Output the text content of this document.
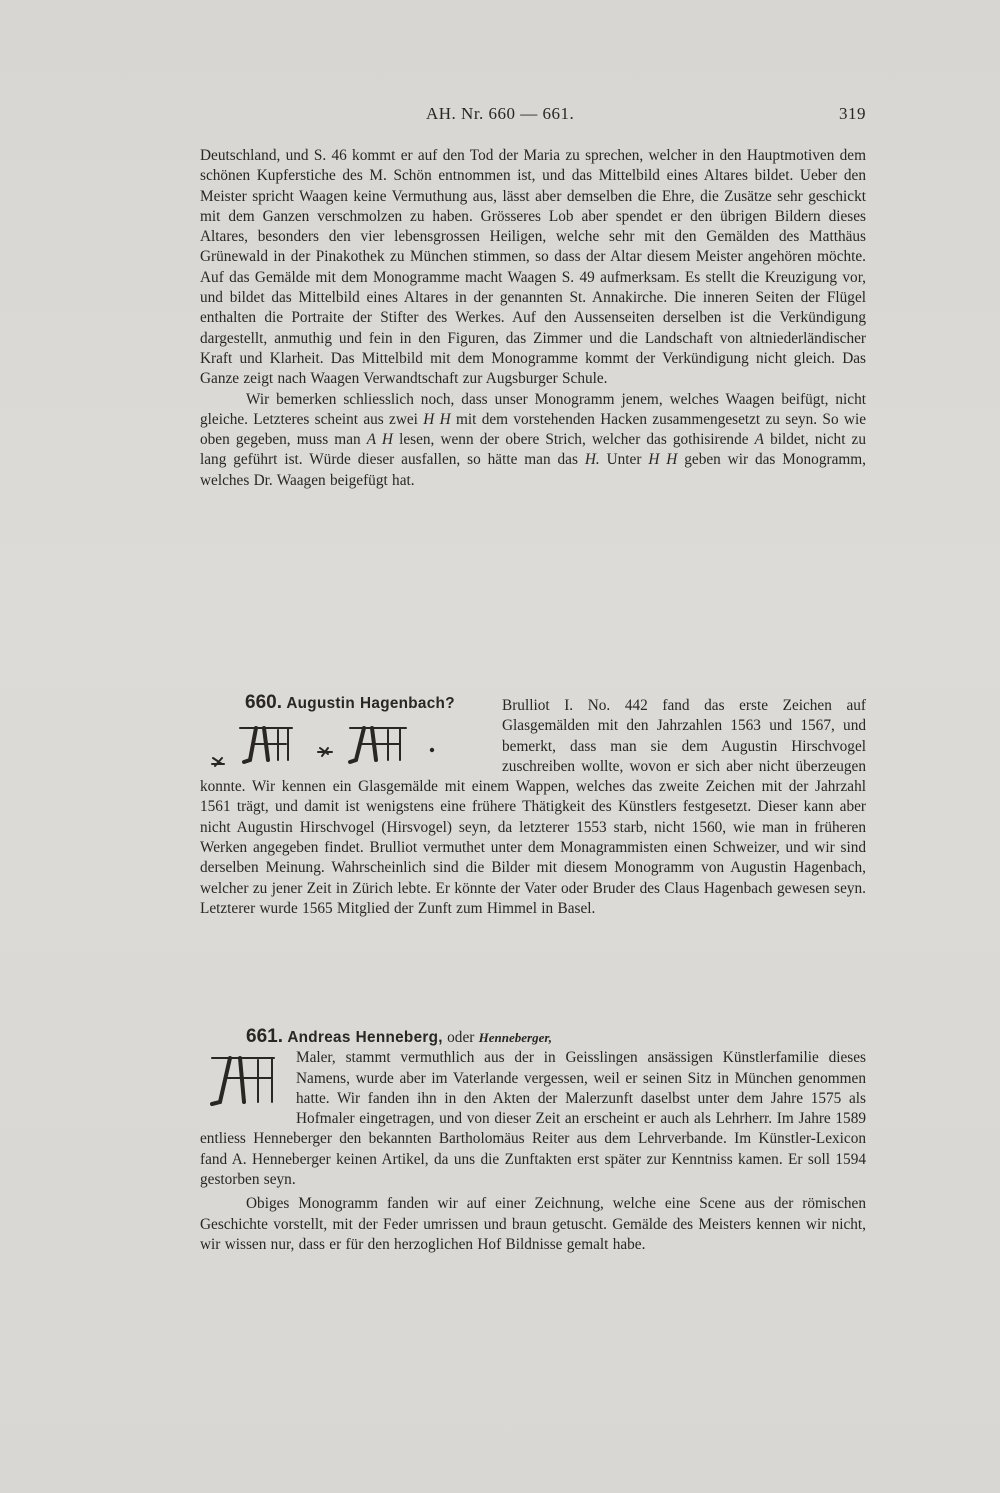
AH. Nr. 660 — 661.	319

Deutschland, und S. 46 kommt er auf den Tod der Maria zu sprechen, welcher in den Hauptmotiven dem schönen Kupferstiche des M. Schön entnommen ist, und das Mittelbild eines Altares bildet. Ueber den Meister spricht Waagen keine Vermuthung aus, lässt aber demselben die Ehre, die Zusätze sehr geschickt mit dem Ganzen verschmolzen zu haben. Grösseres Lob aber spendet er den übrigen Bildern dieses Altares, besonders den vier lebensgrossen Heiligen, welche sehr mit den Gemälden des Matthäus Grünewald in der Pinakothek zu München stimmen, so dass der Altar diesem Meister angehören möchte. Auf das Gemälde mit dem Monogramme macht Waagen S. 49 aufmerksam. Es stellt die Kreuzigung vor, und bildet das Mittelbild eines Altares in der genannten St. Annakirche. Die inneren Seiten der Flügel enthalten die Portraite der Stifter des Werkes. Auf den Aussenseiten derselben ist die Verkündigung dargestellt, anmuthig und fein in den Figuren, das Zimmer und die Landschaft von altniederländischer Kraft und Klarheit. Das Mittelbild mit dem Monogramme kommt der Verkündigung nicht gleich. Das Ganze zeigt nach Waagen Verwandtschaft zur Augsburger Schule.

Wir bemerken schliesslich noch, dass unser Monogramm jenem, welches Waagen beifügt, nicht gleiche. Letzteres scheint aus zwei H H mit dem vorstehenden Hacken zusammengesetzt zu seyn. So wie oben gegeben, muss man A H lesen, wenn der obere Strich, welcher das gothisirende A bildet, nicht zu lang geführt ist. Würde dieser ausfallen, so hätte man das H. Unter H H geben wir das Monogramm, welches Dr. Waagen beigefügt hat.

660. Augustin Hagenbach?	Brulliot I. No. 442 fand das erste Zeichen auf Glasgemälden mit den Jahrzahlen 1563 und 1567, und bemerkt, dass man sie dem Augustin Hirschvogel zuschreiben wollte, wovon er sich aber nicht überzeugen konnte. Wir kennen ein Glasgemälde mit einem Wappen, welches das zweite Zeichen mit der Jahrzahl 1561 trägt, und damit ist wenigstens eine frühere Thätigkeit des Künstlers festgesetzt. Dieser kann aber nicht Augustin Hirschvogel (Hirsvogel) seyn, da letzterer 1553 starb, nicht 1560, wie man in früheren Werken angegeben findet. Brulliot vermuthet unter dem Monagrammisten einen Schweizer, und wir sind derselben Meinung. Wahrscheinlich sind die Bilder mit diesem Monogramm von Augustin Hagenbach, welcher zu jener Zeit in Zürich lebte. Er könnte der Vater oder Bruder des Claus Hagenbach gewesen seyn. Letzterer wurde 1565 Mitglied der Zunft zum Himmel in Basel.

661. Andreas Henneberg, oder Henneberger,

Maler, stammt vermuthlich aus der in Geisslingen ansässigen Künstlerfamilie dieses Namens, wurde aber im Vaterlande vergessen, weil er seinen Sitz in München genommen hatte. Wir fanden ihn in den Akten der Malerzunft daselbst unter dem Jahre 1575 als Hofmaler eingetragen, und von dieser Zeit an erscheint er auch als Lehrherr. Im Jahre 1589 entliess Henneberger den bekannten Bartholomäus Reiter aus dem Lehrverbande. Im Künstler-Lexicon fand A. Henneberger keinen Artikel, da uns die Zunftakten erst später zur Kenntniss kamen. Er soll 1594 gestorben seyn.

Obiges Monogramm fanden wir auf einer Zeichnung, welche eine Scene aus der römischen Geschichte vorstellt, mit der Feder umrissen und braun getuscht. Gemälde des Meisters kennen wir nicht, wir wissen nur, dass er für den herzoglichen Hof Bildnisse gemalt habe.
